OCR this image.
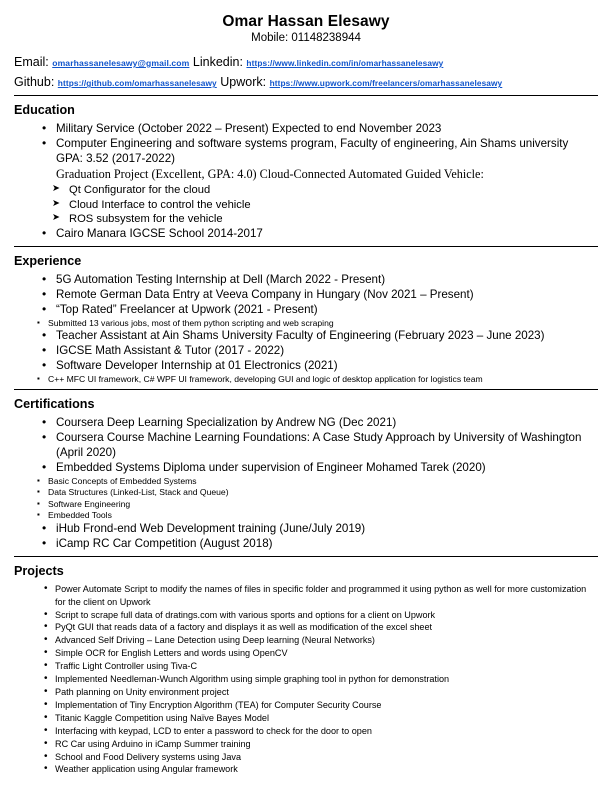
Omar Hassan Elesawy
Mobile: 01148238944
Email: omarhassanelesawy@gmail.com Linkedin: https://www.linkedin.com/in/omarhassanelesawy
Github: https://github.com/omarhassanelesawy Upwork: https://www.upwork.com/freelancers/omarhassanelesawy
Education
• Military Service (October 2022 – Present) Expected to end November 2023
• Computer Engineering and software systems program, Faculty of engineering, Ain Shams university
GPA: 3.52 (2017-2022)
Graduation Project (Excellent, GPA: 4.0) Cloud-Connected Automated Guided Vehicle:
➤ Qt Configurator for the cloud
➤ Cloud Interface to control the vehicle
➤ ROS subsystem for the vehicle
• Cairo Manara IGCSE School 2014-2017
Experience
• 5G Automation Testing Internship at Dell (March 2022 - Present)
• Remote German Data Entry at Veeva Company in Hungary (Nov 2021 – Present)
• “Top Rated” Freelancer at Upwork (2021 - Present)
▪ Submitted 13 various jobs, most of them python scripting and web scraping
• Teacher Assistant at Ain Shams University Faculty of Engineering (February 2023 – June 2023)
• IGCSE Math Assistant & Tutor (2017 - 2022)
• Software Developer Internship at 01 Electronics (2021)
▪ C++ MFC UI framework, C# WPF UI framework, developing GUI and logic of desktop application for logistics team
Certifications
• Coursera Deep Learning Specialization by Andrew NG (Dec 2021)
• Coursera Course Machine Learning Foundations: A Case Study Approach by University of Washington (April 2020)
• Embedded Systems Diploma under supervision of Engineer Mohamed Tarek (2020)
▪ Basic Concepts of Embedded Systems
▪ Data Structures (Linked-List, Stack and Queue)
▪ Software Engineering
▪ Embedded Tools
• iHub Frond-end Web Development training (June/July 2019)
• iCamp RC Car Competition (August 2018)
Projects
• Power Automate Script to modify the names of files in specific folder and programmed it using python as well for more customization for the client on Upwork
• Script to scrape full data of dratings.com with various sports and options for a client on Upwork
• PyQt GUI that reads data of a factory and displays it as well as modification of the excel sheet
• Advanced Self Driving – Lane Detection using Deep learning (Neural Networks)
• Simple OCR for English Letters and words using OpenCV
• Traffic Light Controller using Tiva-C
• Implemented Needleman-Wunch Algorithm using simple graphing tool in python for demonstration
• Path planning on Unity environment project
• Implementation of Tiny Encryption Algorithm (TEA) for Computer Security Course
• Titanic Kaggle Competition using Naïve Bayes Model
• Interfacing with keypad, LCD to enter a password to check for the door to open
• RC Car using Arduino in iCamp Summer training
• School and Food Delivery systems using Java
• Weather application using Angular framework
